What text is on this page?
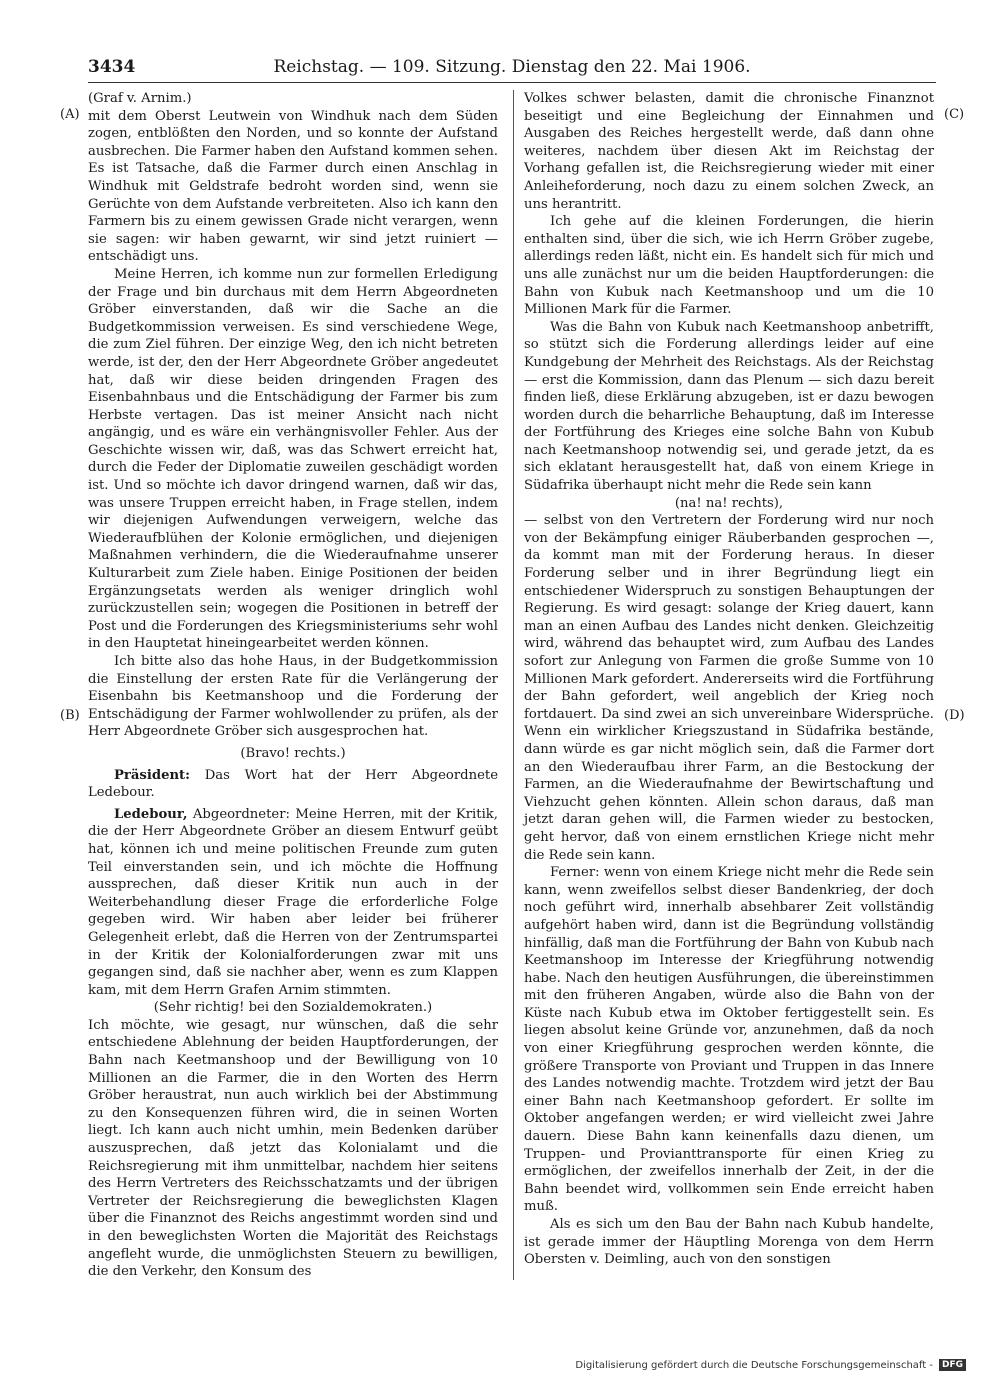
3434	Reichstag. — 109. Sitzung. Dienstag den 22. Mai 1906.
(A)
(B)
(C)
(D)

(Graf v. Arnim.)

mit dem Oberst Leutwein von Windhuk nach dem Süden zogen, entblößten den Norden, und so konnte der Aufstand ausbrechen. Die Farmer haben den Aufstand kommen sehen. Es ist Tatsache, daß die Farmer durch einen Anschlag in Windhuk mit Geldstrafe bedroht worden sind, wenn sie Gerüchte von dem Aufstande verbreiteten. Also ich kann den Farmern bis zu einem gewissen Grade nicht verargen, wenn sie sagen: wir haben gewarnt, wir sind jetzt ruiniert — entschädigt uns.

Meine Herren, ich komme nun zur formellen Erledigung der Frage und bin durchaus mit dem Herrn Abgeordneten Gröber einverstanden, daß wir die Sache an die Budgetkommission verweisen. Es sind verschiedene Wege, die zum Ziel führen. Der einzige Weg, den ich nicht betreten werde, ist der, den der Herr Abgeordnete Gröber angedeutet hat, daß wir diese beiden dringenden Fragen des Eisenbahnbaus und die Entschädigung der Farmer bis zum Herbste vertagen. Das ist meiner Ansicht nach nicht angängig, und es wäre ein verhängnisvoller Fehler. Aus der Geschichte wissen wir, daß, was das Schwert erreicht hat, durch die Feder der Diplomatie zuweilen geschädigt worden ist. Und so möchte ich davor dringend warnen, daß wir das, was unsere Truppen erreicht haben, in Frage stellen, indem wir diejenigen Aufwendungen verweigern, welche das Wiederaufblühen der Kolonie ermöglichen, und diejenigen Maßnahmen verhindern, die die Wiederaufnahme unserer Kulturarbeit zum Ziele haben. Einige Positionen der beiden Ergänzungsetats werden als weniger dringlich wohl zurückzustellen sein; wogegen die Positionen in betreff der Post und die Forderungen des Kriegsministeriums sehr wohl in den Hauptetat hineingearbeitet werden können.

Ich bitte also das hohe Haus, in der Budgetkommission die Einstellung der ersten Rate für die Verlängerung der Eisenbahn bis Keetmanshoop und die Forderung der Entschädigung der Farmer wohlwollender zu prüfen, als der Herr Abgeordnete Gröber sich ausgesprochen hat.

(Bravo! rechts.)

Präsident: Das Wort hat der Herr Abgeordnete Ledebour.

Ledebour, Abgeordneter: Meine Herren, mit der Kritik, die der Herr Abgeordnete Gröber an diesem Entwurf geübt hat, können ich und meine politischen Freunde zum guten Teil einverstanden sein, und ich möchte die Hoffnung aussprechen, daß dieser Kritik nun auch in der Weiterbehandlung dieser Frage die erforderliche Folge gegeben wird. Wir haben aber leider bei früherer Gelegenheit erlebt, daß die Herren von der Zentrumspartei in der Kritik der Kolonialforderungen zwar mit uns gegangen sind, daß sie nachher aber, wenn es zum Klappen kam, mit dem Herrn Grafen Arnim stimmten.

(Sehr richtig! bei den Sozialdemokraten.)

Ich möchte, wie gesagt, nur wünschen, daß die sehr entschiedene Ablehnung der beiden Hauptforderungen, der Bahn nach Keetmanshoop und der Bewilligung von 10 Millionen an die Farmer, die in den Worten des Herrn Gröber heraustrat, nun auch wirklich bei der Abstimmung zu den Konsequenzen führen wird, die in seinen Worten liegt. Ich kann auch nicht umhin, mein Bedenken darüber auszusprechen, daß jetzt das Kolonialamt und die Reichsregierung mit ihm unmittelbar, nachdem hier seitens des Herrn Vertreters des Reichsschatzamts und der übrigen Vertreter der Reichsregierung die beweglichsten Klagen über die Finanznot des Reichs angestimmt worden sind und in den beweglichsten Worten die Majorität des Reichstags angefleht wurde, die unmöglichsten Steuern zu bewilligen, die den Verkehr, den Konsum des

Volkes schwer belasten, damit die chronische Finanznot beseitigt und eine Begleichung der Einnahmen und Ausgaben des Reiches hergestellt werde, daß dann ohne weiteres, nachdem über diesen Akt im Reichstag der Vorhang gefallen ist, die Reichsregierung wieder mit einer Anleiheforderung, noch dazu zu einem solchen Zweck, an uns herantritt.

Ich gehe auf die kleinen Forderungen, die hierin enthalten sind, über die sich, wie ich Herrn Gröber zugebe, allerdings reden läßt, nicht ein. Es handelt sich für mich und uns alle zunächst nur um die beiden Hauptforderungen: die Bahn von Kubuk nach Keetmanshoop und um die 10 Millionen Mark für die Farmer.

Was die Bahn von Kubuk nach Keetmanshoop anbetrifft, so stützt sich die Forderung allerdings leider auf eine Kundgebung der Mehrheit des Reichstags. Als der Reichstag — erst die Kommission, dann das Plenum — sich dazu bereit finden ließ, diese Erklärung abzugeben, ist er dazu bewogen worden durch die beharrliche Behauptung, daß im Interesse der Fortführung des Krieges eine solche Bahn von Kubub nach Keetmanshoop notwendig sei, und gerade jetzt, da es sich eklatant herausgestellt hat, daß von einem Kriege in Südafrika überhaupt nicht mehr die Rede sein kann

(na! na! rechts),

— selbst von den Vertretern der Forderung wird nur noch von der Bekämpfung einiger Räuberbanden gesprochen —, da kommt man mit der Forderung heraus. In dieser Forderung selber und in ihrer Begründung liegt ein entschiedener Widerspruch zu sonstigen Behauptungen der Regierung. Es wird gesagt: solange der Krieg dauert, kann man an einen Aufbau des Landes nicht denken. Gleichzeitig wird, während das behauptet wird, zum Aufbau des Landes sofort zur Anlegung von Farmen die große Summe von 10 Millionen Mark gefordert. Andererseits wird die Fortführung der Bahn gefordert, weil angeblich der Krieg noch fortdauert. Da sind zwei an sich unvereinbare Widersprüche. Wenn ein wirklicher Kriegszustand in Südafrika bestände, dann würde es gar nicht möglich sein, daß die Farmer dort an den Wiederaufbau ihrer Farm, an die Bestockung der Farmen, an die Wiederaufnahme der Bewirtschaftung und Viehzucht gehen könnten. Allein schon daraus, daß man jetzt daran gehen will, die Farmen wieder zu bestocken, geht hervor, daß von einem ernstlichen Kriege nicht mehr die Rede sein kann.

Ferner: wenn von einem Kriege nicht mehr die Rede sein kann, wenn zweifellos selbst dieser Bandenkrieg, der doch noch geführt wird, innerhalb absehbarer Zeit vollständig aufgehört haben wird, dann ist die Begründung vollständig hinfällig, daß man die Fortführung der Bahn von Kubub nach Keetmanshoop im Interesse der Kriegführung notwendig habe. Nach den heutigen Ausführungen, die übereinstimmen mit den früheren Angaben, würde also die Bahn von der Küste nach Kubub etwa im Oktober fertiggestellt sein. Es liegen absolut keine Gründe vor, anzunehmen, daß da noch von einer Kriegführung gesprochen werden könnte, die größere Transporte von Proviant und Truppen in das Innere des Landes notwendig machte. Trotzdem wird jetzt der Bau einer Bahn nach Keetmanshoop gefordert. Er sollte im Oktober angefangen werden; er wird vielleicht zwei Jahre dauern. Diese Bahn kann keinenfalls dazu dienen, um Truppen- und Provianttransporte für einen Krieg zu ermöglichen, der zweifellos innerhalb der Zeit, in der die Bahn beendet wird, vollkommen sein Ende erreicht haben muß.

Als es sich um den Bau der Bahn nach Kubub handelte, ist gerade immer der Häuptling Morenga von dem Herrn Obersten v. Deimling, auch von den sonstigen

Digitalisierung gefördert durch die Deutsche Forschungsgemeinschaft -	DFG
